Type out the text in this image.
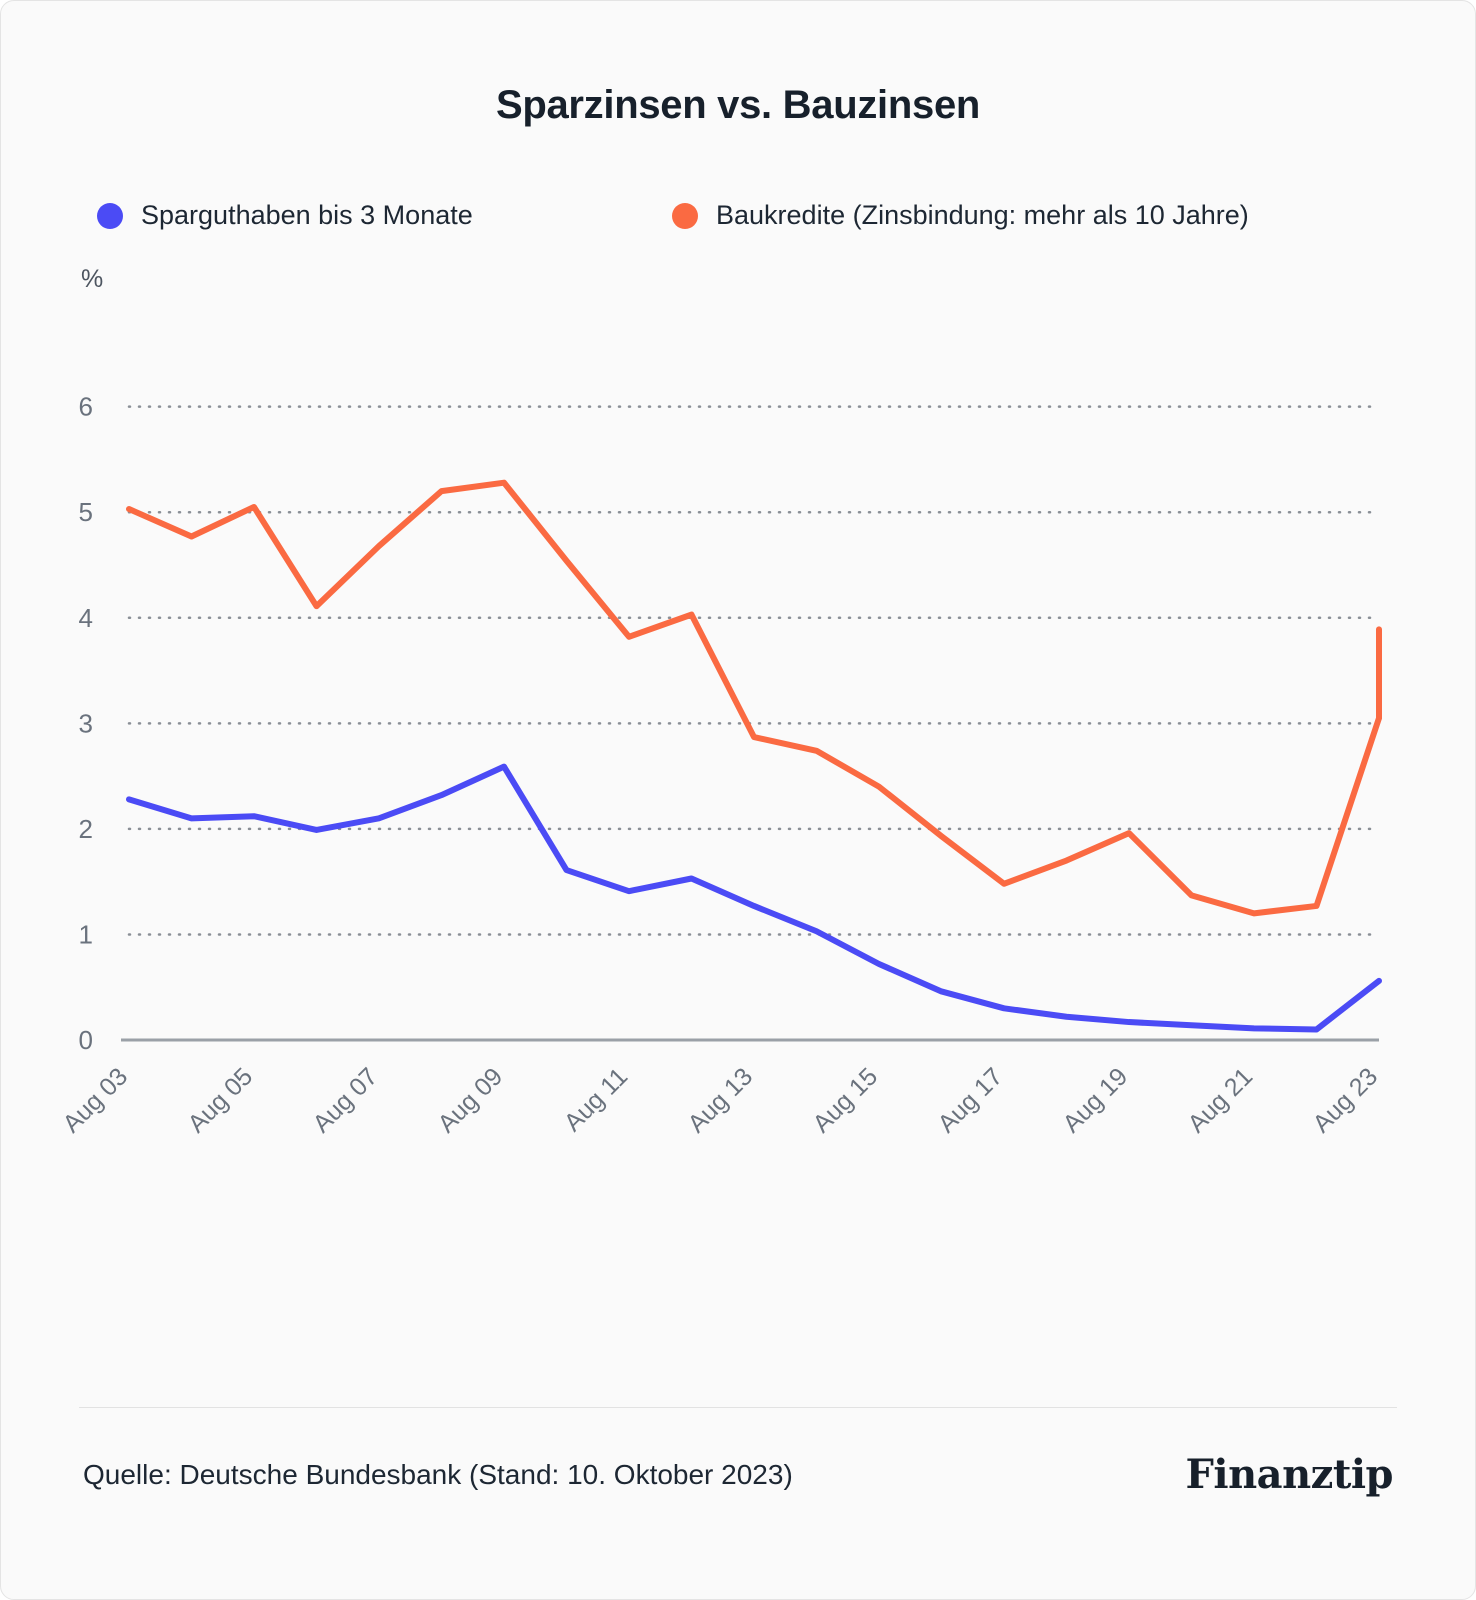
Sparzinsen vs. Bauzinsen
Sparguthaben bis 3 Monate	Baukredite (Zinsbindung: mehr als 10 Jahre)
%
0
1
2
3
4
5
6
Aug 03 Aug 05 Aug 07 Aug 09 Aug 11 Aug 13 Aug 15 Aug 17 Aug 19 Aug 21 Aug 23
Quelle: Deutsche Bundesbank (Stand: 10. Oktober 2023)	Finanztip
